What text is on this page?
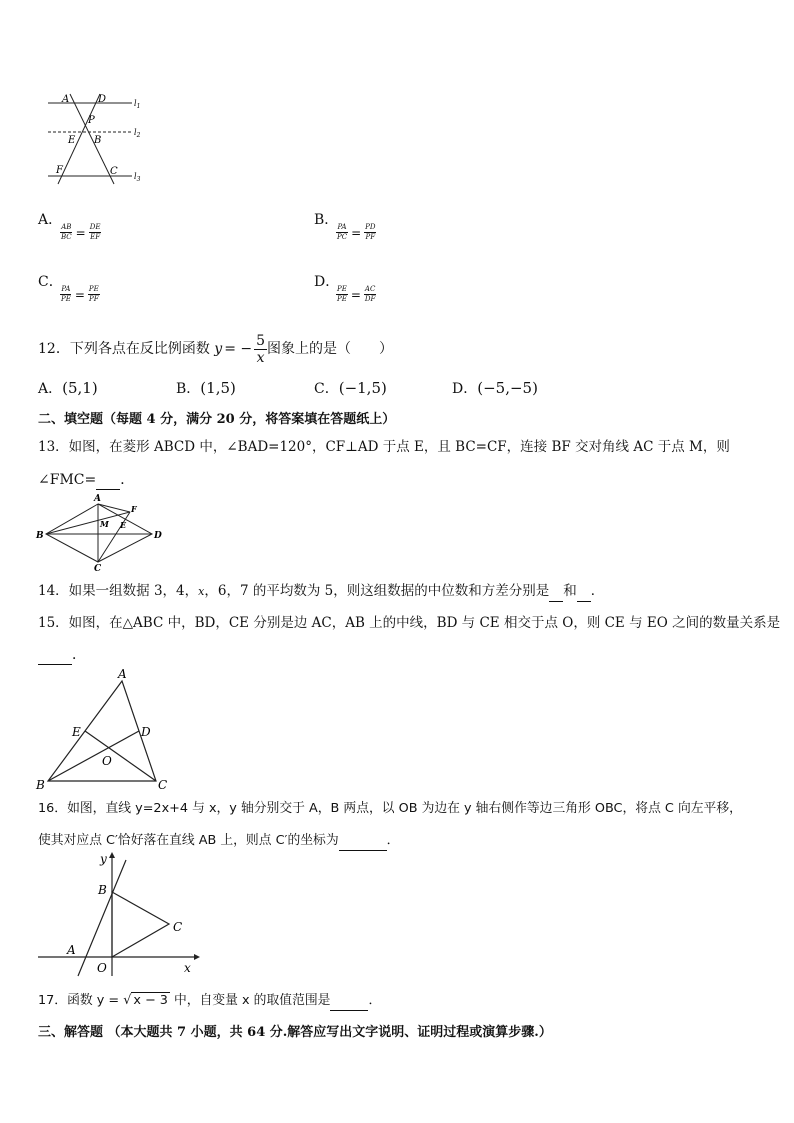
A	D
P
E B
F	C
$l_1$
$l_2$
$l_3$
A．
$\frac{AB}{BC} = \frac{DE}{EF}$
B．
$\frac{PA}{PC} = \frac{PD}{PF}$
C．
$\frac{PA}{PE} = \frac{PE}{PF}$
D．
$\frac{PE}{PE} = \frac{AC}{DF}$
12．下列各点在反比例函数 y = − $\frac{5}{x}$ 图象上的是（　　）
A．(5,1)	B．(1,5)	C．(−1,5)	D．(−5,−5)
二、填空题（每题 4 分，满分 20 分，将答案填在答题纸上）
13．如图，在菱形 ABCD 中，∠BAD=120°，CF⊥AD 于点 E，且 BC=CF，连接 BF 交对角线 AC 于点 M，则
∠FMC= ．
A
B
C
D
M E
F
14．如果一组数据 3，4，x，6，7 的平均数为 5，则这组数据的中位数和方差分别是 和 ．
15．如图，在△ABC 中，BD，CE 分别是边 AC，AB 上的中线，BD 与 CE 相交于点 O，则 CE 与 EO 之间的数量关系是
．
A
B	C
D
E
O
16．如图，直线 y=2x+4 与 x，y 轴分别交于 A，B 两点，以 OB 为边在 y 轴右侧作等边三角形 OBC，将点 C 向左平移，
使其对应点 C′恰好落在直线 AB 上，则点 C′的坐标为	．
y
x
B
C
A
O
17．函数 y = √ x − 3 中，自变量 x 的取值范围是	．
三、解答题 （本大题共 7 小题，共 64 分.解答应写出文字说明、证明过程或演算步骤.）
